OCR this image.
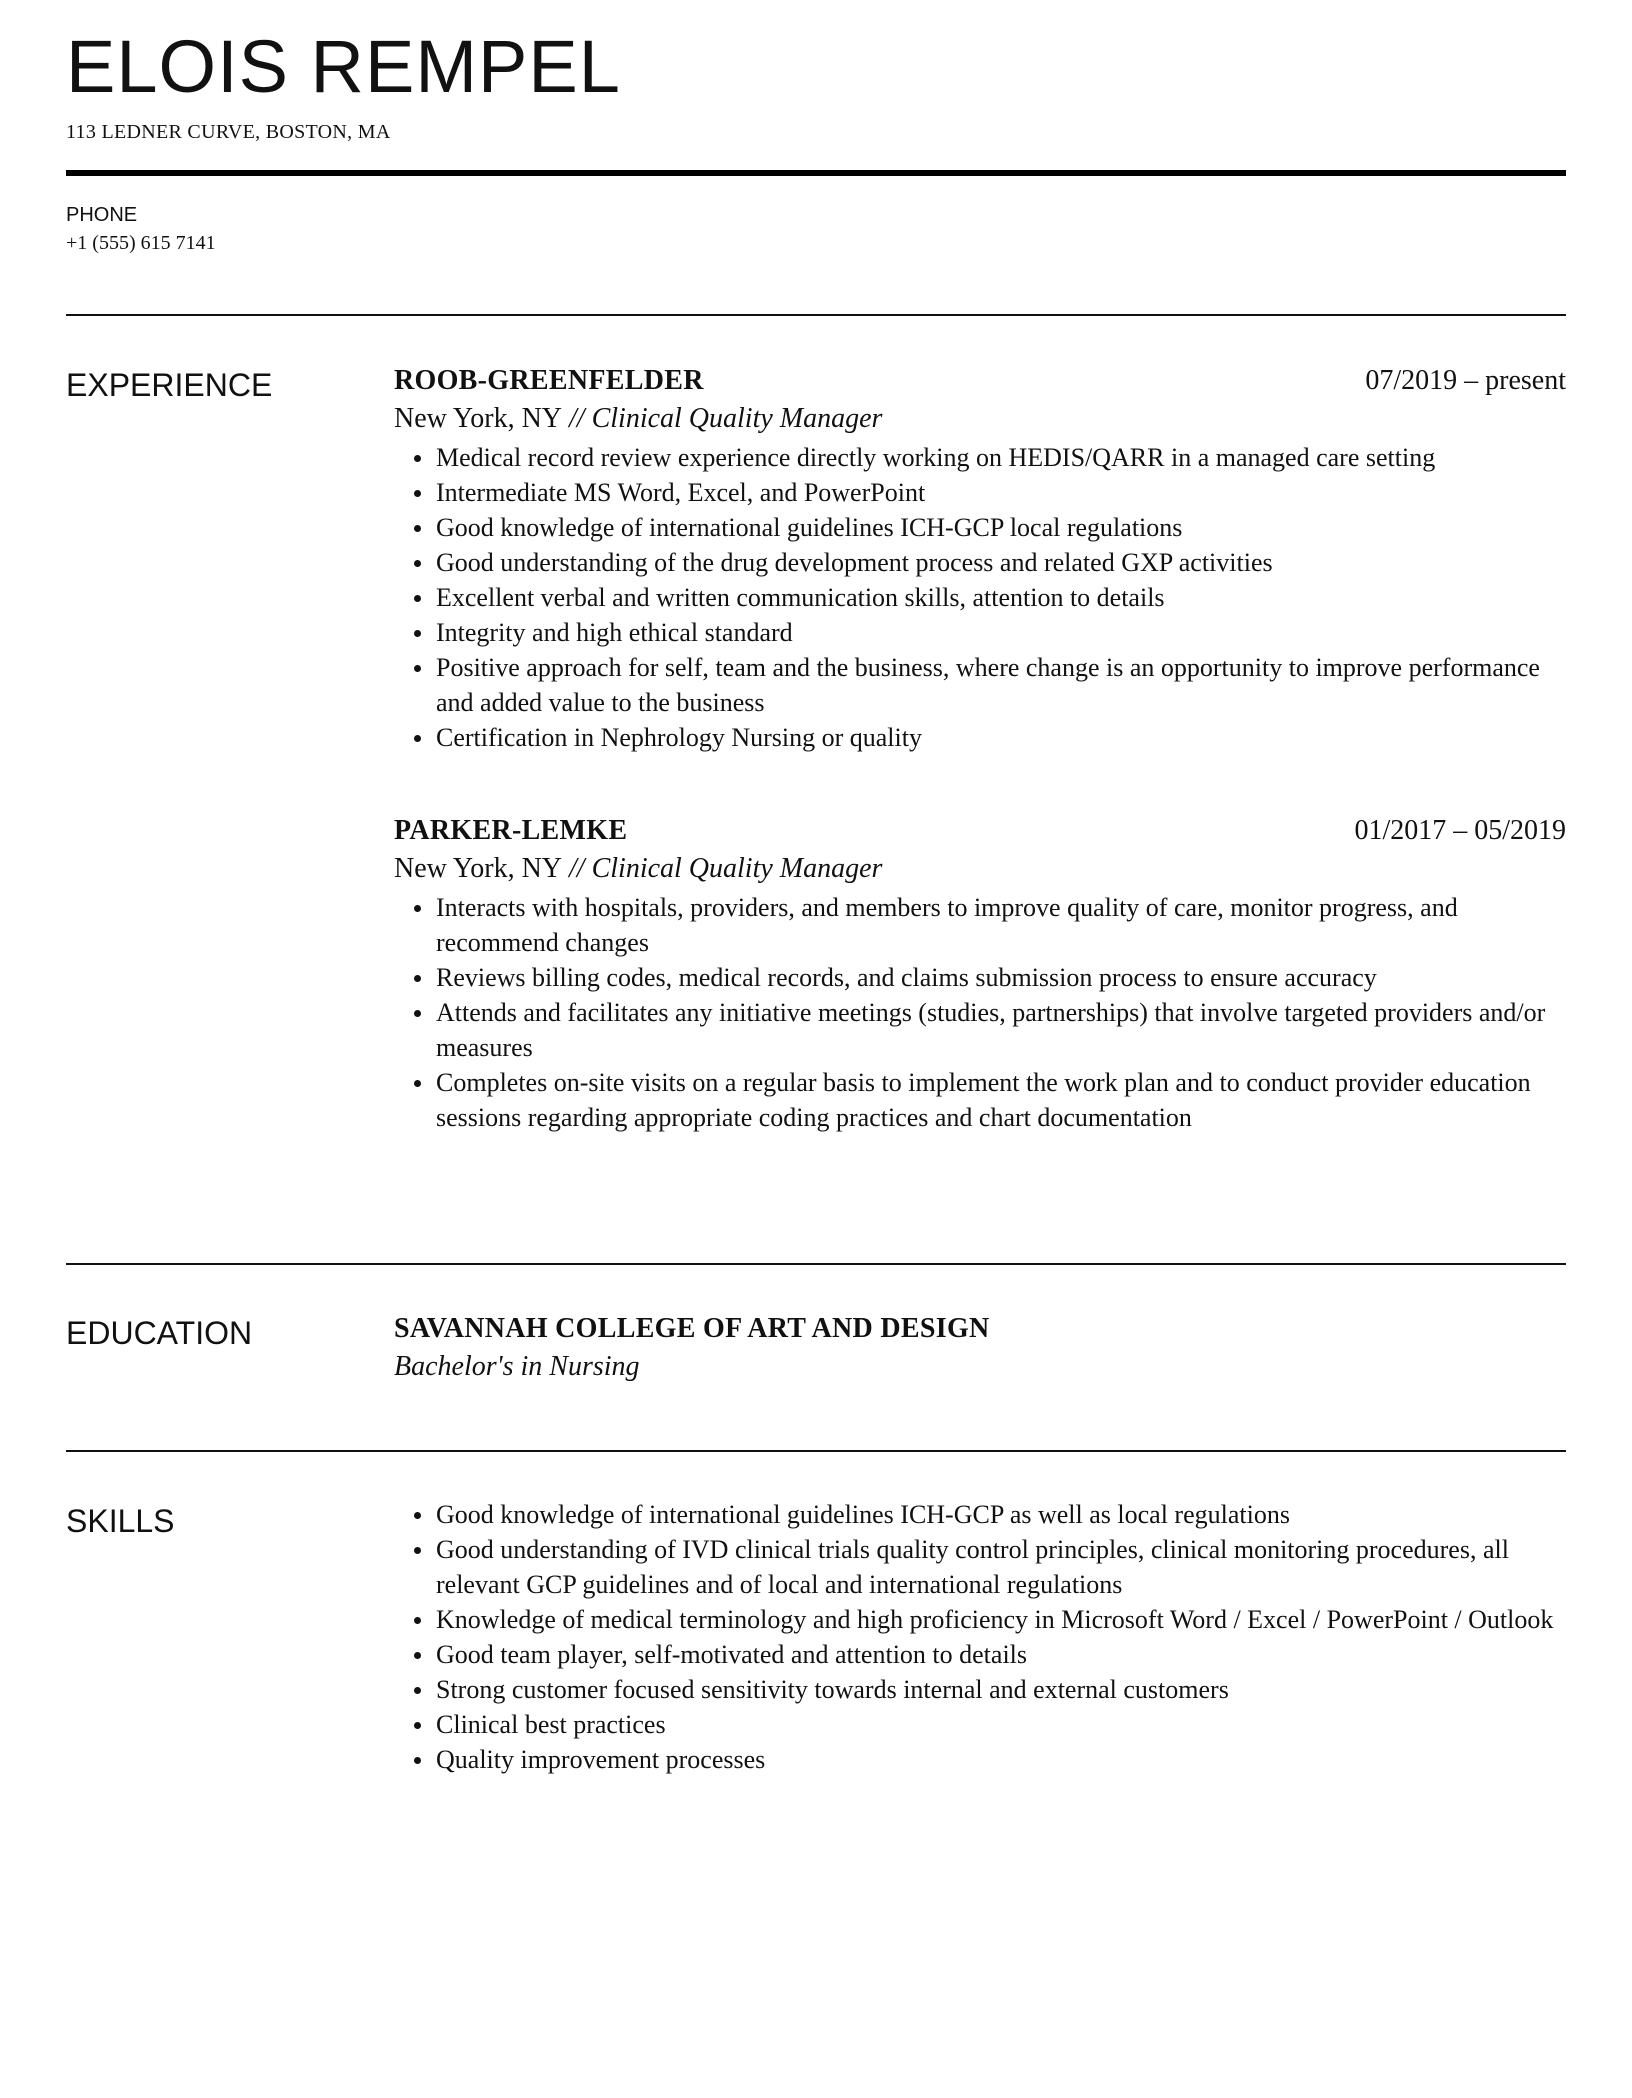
ELOIS REMPEL
113 LEDNER CURVE, BOSTON, MA
PHONE
+1 (555) 615 7141
EXPERIENCE	ROOB-GREENFELDER	07/2019 – present
New York, NY // Clinical Quality Manager
Medical record review experience directly working on HEDIS/QARR in a managed care setting
Intermediate MS Word, Excel, and PowerPoint
Good knowledge of international guidelines ICH-GCP local regulations
Good understanding of the drug development process and related GXP activities
Excellent verbal and written communication skills, attention to details
Integrity and high ethical standard
Positive approach for self, team and the business, where change is an opportunity to improve performance and added value to the business
Certification in Nephrology Nursing or quality
PARKER-LEMKE	01/2017 – 05/2019
New York, NY // Clinical Quality Manager
Interacts with hospitals, providers, and members to improve quality of care, monitor progress, and recommend changes
Reviews billing codes, medical records, and claims submission process to ensure accuracy
Attends and facilitates any initiative meetings (studies, partnerships) that involve targeted providers and/or measures
Completes on-site visits on a regular basis to implement the work plan and to conduct provider education sessions regarding appropriate coding practices and chart documentation
EDUCATION	SAVANNAH COLLEGE OF ART AND DESIGN
Bachelor's in Nursing
SKILLS	Good knowledge of international guidelines ICH-GCP as well as local regulations
Good understanding of IVD clinical trials quality control principles, clinical monitoring procedures, all relevant GCP guidelines and of local and international regulations
Knowledge of medical terminology and high proficiency in Microsoft Word / Excel / PowerPoint / Outlook
Good team player, self-motivated and attention to details
Strong customer focused sensitivity towards internal and external customers
Clinical best practices
Quality improvement processes
